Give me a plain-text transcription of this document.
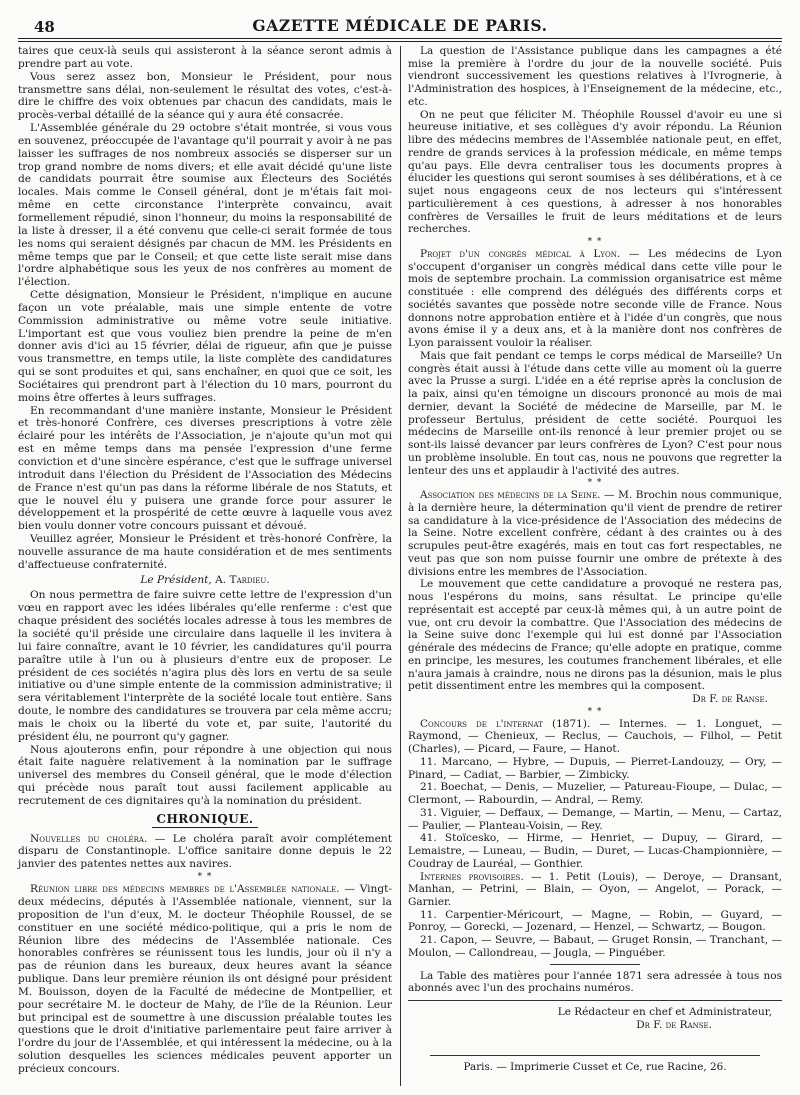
48	GAZETTE MÉDICALE DE PARIS.

taires que ceux-là seuls qui assisteront à la séance seront admis à prendre part au vote.

Vous serez assez bon, Monsieur le Président, pour nous transmettre sans délai, non-seulement le résultat des votes, c'est-à-dire le chiffre des voix obtenues par chacun des candidats, mais le procès-verbal détaillé de la séance qui y aura été consacrée.

L'Assemblée générale du 29 octobre s'était montrée, si vous vous en souvenez, préoccupée de l'avantage qu'il pourrait y avoir à ne pas laisser les suffrages de nos nombreux associés se disperser sur un trop grand nombre de noms divers; et elle avait décidé qu'une liste de candidats pourrait être soumise aux Électeurs des Sociétés locales. Mais comme le Conseil général, dont je m'étais fait moi-même en cette circonstance l'interprète convaincu, avait formellement répudié, sinon l'honneur, du moins la responsabilité de la liste à dresser, il a été convenu que celle-ci serait formée de tous les noms qui seraient désignés par chacun de MM. les Présidents en même temps que par le Conseil; et que cette liste serait mise dans l'ordre alphabétique sous les yeux de nos confrères au moment de l'élection.

Cette désignation, Monsieur le Président, n'implique en aucune façon un vote préalable, mais une simple entente de votre Commission administrative ou même votre seule initiative. L'important est que vous vouliez bien prendre la peine de m'en donner avis d'ici au 15 février, délai de rigueur, afin que je puisse vous transmettre, en temps utile, la liste complète des candidatures qui se sont produites et qui, sans enchaîner, en quoi que ce soit, les Sociétaires qui prendront part à l'élection du 10 mars, pourront du moins être offertes à leurs suffrages.

En recommandant d'une manière instante, Monsieur le Président et très-honoré Confrère, ces diverses prescriptions à votre zèle éclairé pour les intérêts de l'Association, je n'ajoute qu'un mot qui est en même temps dans ma pensée l'expression d'une ferme conviction et d'une sincère espérance, c'est que le suffrage universel introduit dans l'élection du Président de l'Association des Médecins de France n'est qu'un pas dans la réforme libérale de nos Statuts, et que le nouvel élu y puisera une grande force pour assurer le développement et la prospérité de cette œuvre à laquelle vous avez bien voulu donner votre concours puissant et dévoué.

Veuillez agréer, Monsieur le Président et très-honoré Confrère, la nouvelle assurance de ma haute considération et de mes sentiments d'affectueuse confraternité.

Le Président, A. Tardieu.

On nous permettra de faire suivre cette lettre de l'expression d'un vœu en rapport avec les idées libérales qu'elle renferme : c'est que chaque président des sociétés locales adresse à tous les membres de la société qu'il préside une circulaire dans laquelle il les invitera à lui faire connaître, avant le 10 février, les candidatures qu'il pourra paraître utile à l'un ou à plusieurs d'entre eux de proposer. Le président de ces sociétés n'agira plus dès lors en vertu de sa seule initiative ou d'une simple entente de la commission administrative; il sera véritablement l'interprète de la société locale tout entière. Sans doute, le nombre des candidatures se trouvera par cela même accru; mais le choix ou la liberté du vote et, par suite, l'autorité du président élu, ne pourront qu'y gagner.

Nous ajouterons enfin, pour répondre à une objection qui nous était faite naguère relativement à la nomination par le suffrage universel des membres du Conseil général, que le mode d'élection qui précède nous paraît tout aussi facilement applicable au recrutement de ces dignitaires qu'à la nomination du président.

CHRONIQUE.

Nouvelles du choléra. — Le choléra paraît avoir complétement disparu de Constantinople. L'office sanitaire donne depuis le 22 janvier des patentes nettes aux navires.

* *

Réunion libre des médecins membres de l'Assemblée nationale. — Vingt-deux médecins, députés à l'Assemblée nationale, viennent, sur la proposition de l'un d'eux, M. le docteur Théophile Roussel, de se constituer en une société médico-politique, qui a pris le nom de Réunion libre des médecins de l'Assemblée nationale. Ces honorables confrères se réunissent tous les lundis, jour où il n'y a pas de réunion dans les bureaux, deux heures avant la séance publique. Dans leur première réunion ils ont désigné pour président M. Bouisson, doyen de la Faculté de médecine de Montpellier, et pour secrétaire M. le docteur de Mahy, de l'île de la Réunion. Leur but principal est de soumettre à une discussion préalable toutes les questions que le droit d'initiative parlementaire peut faire arriver à l'ordre du jour de l'Assemblée, et qui intéressent la médecine, ou à la solution desquelles les sciences médicales peuvent apporter un précieux concours.

La question de l'Assistance publique dans les campagnes a été mise la première à l'ordre du jour de la nouvelle société. Puis viendront successivement les questions relatives à l'Ivrognerie, à l'Administration des hospices, à l'Enseignement de la médecine, etc., etc.

On ne peut que féliciter M. Théophile Roussel d'avoir eu une si heureuse initiative, et ses collègues d'y avoir répondu. La Réunion libre des médecins membres de l'Assemblée nationale peut, en effet, rendre de grands services à la profession médicale, en même temps qu'au pays. Elle devra centraliser tous les documents propres à élucider les questions qui seront soumises à ses délibérations, et à ce sujet nous engageons ceux de nos lecteurs qui s'intéressent particulièrement à ces questions, à adresser à nos honorables confrères de Versailles le fruit de leurs méditations et de leurs recherches.

* *

Projet d'un congrès médical à Lyon. — Les médecins de Lyon s'occupent d'organiser un congrès médical dans cette ville pour le mois de septembre prochain. La commission organisatrice est même constituée : elle comprend des délégués des différents corps et sociétés savantes que possède notre seconde ville de France. Nous donnons notre approbation entière et à l'idée d'un congrès, que nous avons émise il y a deux ans, et à la manière dont nos confrères de Lyon paraissent vouloir la réaliser.

Mais que fait pendant ce temps le corps médical de Marseille? Un congrès était aussi à l'étude dans cette ville au moment où la guerre avec la Prusse a surgi. L'idée en a été reprise après la conclusion de la paix, ainsi qu'en témoigne un discours prononcé au mois de mai dernier, devant la Société de médecine de Marseille, par M. le professeur Bertulus, président de cette société. Pourquoi les médecins de Marseille ont-ils renoncé à leur premier projet ou se sont-ils laissé devancer par leurs confrères de Lyon? C'est pour nous un problème insoluble. En tout cas, nous ne pouvons que regretter la lenteur des uns et applaudir à l'activité des autres.

* *

Association des médecins de la Seine. — M. Brochin nous communique, à la dernière heure, la détermination qu'il vient de prendre de retirer sa candidature à la vice-présidence de l'Association des médecins de la Seine. Notre excellent confrère, cédant à des craintes ou à des scrupules peut-être exagérés, mais en tout cas fort respectables, ne veut pas que son nom puisse fournir une ombre de prétexte à des divisions entre les membres de l'Association.

Le mouvement que cette candidature a provoqué ne restera pas, nous l'espérons du moins, sans résultat. Le principe qu'elle représentait est accepté par ceux-là mêmes qui, à un autre point de vue, ont cru devoir la combattre. Que l'Association des médecins de la Seine suive donc l'exemple qui lui est donné par l'Association générale des médecins de France; qu'elle adopte en pratique, comme en principe, les mesures, les coutumes franchement libérales, et elle n'aura jamais à craindre, nous ne dirons pas la désunion, mais le plus petit dissentiment entre les membres qui la composent.

Dr F. de Ranse.

* *

Concours de l'internat (1871). — Internes. — 1. Longuet, — Raymond, — Chenieux, — Reclus, — Cauchois, — Filhol, — Petit (Charles), — Picard, — Faure, — Hanot.

11. Marcano, — Hybre, — Dupuis, — Pierret-Landouzy, — Ory, — Pinard, — Cadiat, — Barbier, — Zimbicky.

21. Boechat, — Denis, — Muzelier, — Patureau-Fioupe, — Dulac, — Clermont, — Rabourdin, — Andral, — Remy.

31. Viguier, — Deffaux, — Demange, — Martin, — Menu, — Cartaz, — Paulier, — Planteau-Voisin, — Rey.

41. Stoïcesko, — Hirme, — Henriet, — Dupuy, — Girard, — Lemaistre, — Luneau, — Budin, — Duret, — Lucas-Championnière, — Coudray de Lauréal, — Gonthier.

Internes provisoires. — 1. Petit (Louis), — Deroye, — Dransant, Manhan, — Petrini, — Blain, — Oyon, — Angelot, — Porack, — Garnier.

11. Carpentier-Méricourt, — Magne, — Robin, — Guyard, — Ponroy, — Gorecki, — Jozenard, — Henzel, — Schwartz, — Bougon.

21. Capon, — Seuvre, — Babaut, — Gruget Ronsin, — Tranchant, — Moulon, — Callondreau, — Jougla, — Pinguéber.

La Table des matières pour l'année 1871 sera adressée à tous nos abonnés avec l'un des prochains numéros.

Le Rédacteur en chef et Administrateur,

Dr F. de Ranse.

Paris. — Imprimerie Cusset et Ce, rue Racine, 26.
